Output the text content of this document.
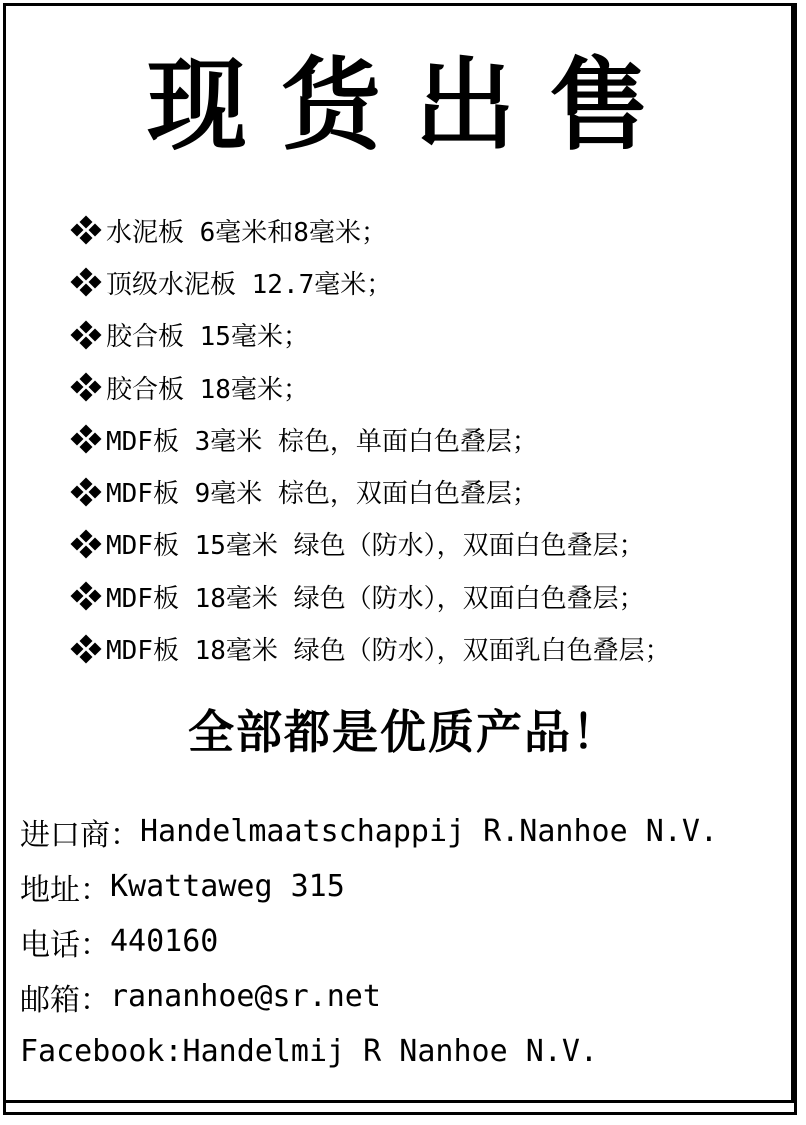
现货出售
水泥板 6毫米和8毫米；
顶级水泥板 12.7毫米；
胶合板 15毫米；
胶合板 18毫米；
MDF板 3毫米 棕色，单面白色叠层；
MDF板 9毫米 棕色，双面白色叠层；
MDF板 15毫米 绿色（防水），双面白色叠层；
MDF板 18毫米 绿色（防水），双面白色叠层；
MDF板 18毫米 绿色（防水），双面乳白色叠层；
全部都是优质产品！
进口商： Handelmaatschappij R.Nanhoe N.V.
地址： Kwattaweg 315
电话： 440160
邮箱： rananhoe@sr.net
Facebook:Handelmij R Nanhoe N.V.
